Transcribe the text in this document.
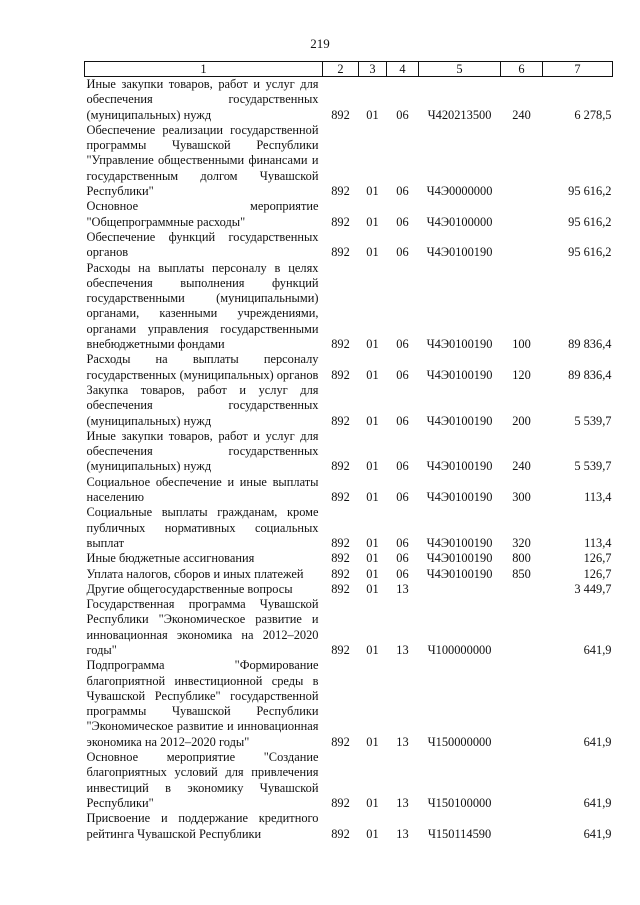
219
1	2	3	4	5	6	7
Иные закупки товаров, работ и услуг для обеспечения государственных (муниципальных) нужд	892	01	06	Ч420213500	240	6 278,5
Обеспечение реализации государственной программы Чувашской Республики "Управление общественными финансами и государственным долгом Чувашской Республики"	892	01	06	Ч4Э0000000		95 616,2
Основное мероприятие "Общепрограммные расходы"	892	01	06	Ч4Э0100000		95 616,2
Обеспечение функций государственных органов	892	01	06	Ч4Э0100190		95 616,2
Расходы на выплаты персоналу в целях обеспечения выполнения функций государственными (муниципальными) органами, казенными учреждениями, органами управления государственными внебюджетными фондами	892	01	06	Ч4Э0100190	100	89 836,4
Расходы на выплаты персоналу государственных (муниципальных) органов	892	01	06	Ч4Э0100190	120	89 836,4
Закупка товаров, работ и услуг для обеспечения государственных (муниципальных) нужд	892	01	06	Ч4Э0100190	200	5 539,7
Иные закупки товаров, работ и услуг для обеспечения государственных (муниципальных) нужд	892	01	06	Ч4Э0100190	240	5 539,7
Социальное обеспечение и иные выплаты населению	892	01	06	Ч4Э0100190	300	113,4
Социальные выплаты гражданам, кроме публичных нормативных социальных выплат	892	01	06	Ч4Э0100190	320	113,4
Иные бюджетные ассигнования	892	01	06	Ч4Э0100190	800	126,7
Уплата налогов, сборов и иных платежей	892	01	06	Ч4Э0100190	850	126,7
Другие общегосударственные вопросы	892	01	13			3 449,7
Государственная программа Чувашской Республики "Экономическое развитие и инновационная экономика на 2012–2020 годы"	892	01	13	Ч100000000		641,9
Подпрограмма "Формирование благоприятной инвестиционной среды в Чувашской Республике" государственной программы Чувашской Республики "Экономическое развитие и инновационная экономика на 2012–2020 годы"	892	01	13	Ч150000000		641,9
Основное мероприятие "Создание благоприятных условий для привлечения инвестиций в экономику Чувашской Республики"	892	01	13	Ч150100000		641,9
Присвоение и поддержание кредитного рейтинга Чувашской Республики	892	01	13	Ч150114590		641,9
